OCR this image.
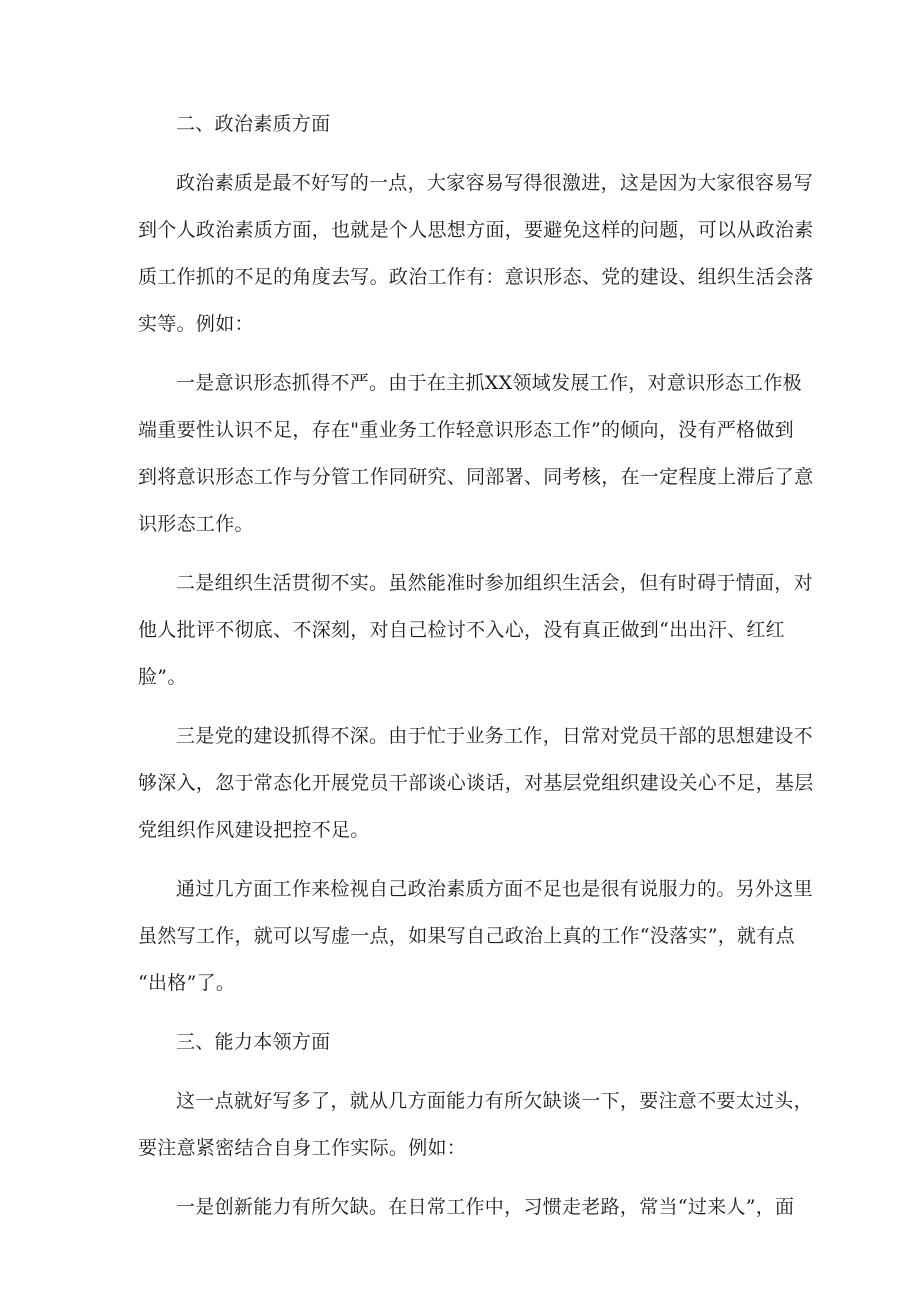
二、政治素质方面

政治素质是最不好写的一点，大家容易写得很激进，这是因为大家很容易写

到个人政治素质方面，也就是个人思想方面，要避免这样的问题，可以从政治素

质工作抓的不足的角度去写。政治工作有：意识形态、党的建设、组织生活会落

实等。例如：

一是意识形态抓得不严。由于在主抓XX领域发展工作，对意识形态工作极

端重要性认识不足，存在"重业务工作轻意识形态工作”的倾向，没有严格做到

到将意识形态工作与分管工作同研究、同部署、同考核，在一定程度上滞后了意

识形态工作。

二是组织生活贯彻不实。虽然能准时参加组织生活会，但有时碍于情面，对

他人批评不彻底、不深刻，对自己检讨不入心，没有真正做到“出出汗、红红

脸”。

三是党的建设抓得不深。由于忙于业务工作，日常对党员干部的思想建设不

够深入，忽于常态化开展党员干部谈心谈话，对基层党组织建设关心不足，基层

党组织作风建设把控不足。

通过几方面工作来检视自己政治素质方面不足也是很有说服力的。另外这里

虽然写工作，就可以写虚一点，如果写自己政治上真的工作“没落实”，就有点

“出格”了。

三、能力本领方面

这一点就好写多了，就从几方面能力有所欠缺谈一下，要注意不要太过头，

要注意紧密结合自身工作实际。例如：

一是创新能力有所欠缺。在日常工作中，习惯走老路，常当“过来人”，面
